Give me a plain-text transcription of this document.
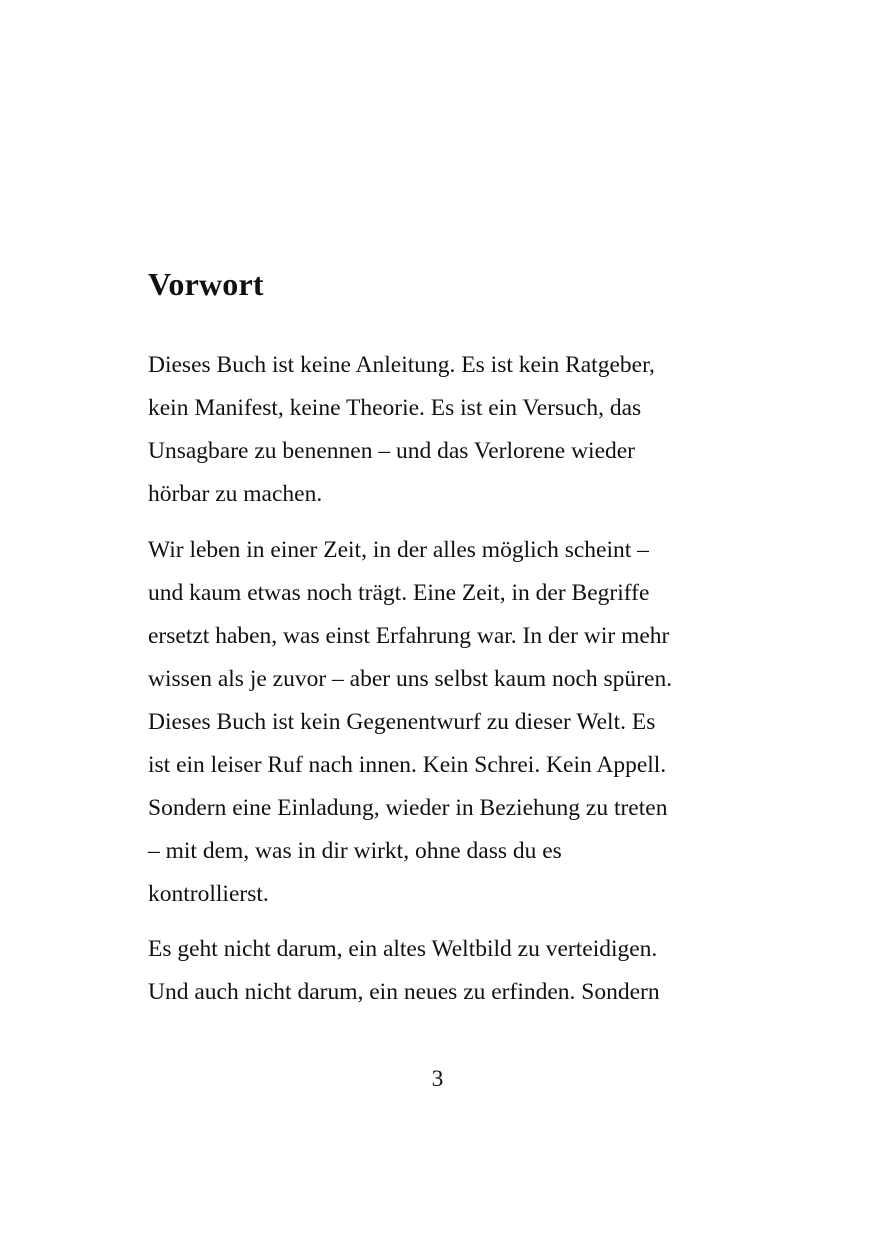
Vorwort

Dieses Buch ist keine Anleitung. Es ist kein Ratgeber,
kein Manifest, keine Theorie. Es ist ein Versuch, das
Unsagbare zu benennen – und das Verlorene wieder
hörbar zu machen.

Wir leben in einer Zeit, in der alles möglich scheint –
und kaum etwas noch trägt. Eine Zeit, in der Begriffe
ersetzt haben, was einst Erfahrung war. In der wir mehr
wissen als je zuvor – aber uns selbst kaum noch spüren.
Dieses Buch ist kein Gegenentwurf zu dieser Welt. Es
ist ein leiser Ruf nach innen. Kein Schrei. Kein Appell.
Sondern eine Einladung, wieder in Beziehung zu treten
– mit dem, was in dir wirkt, ohne dass du es
kontrollierst.

Es geht nicht darum, ein altes Weltbild zu verteidigen.
Und auch nicht darum, ein neues zu erfinden. Sondern

3
